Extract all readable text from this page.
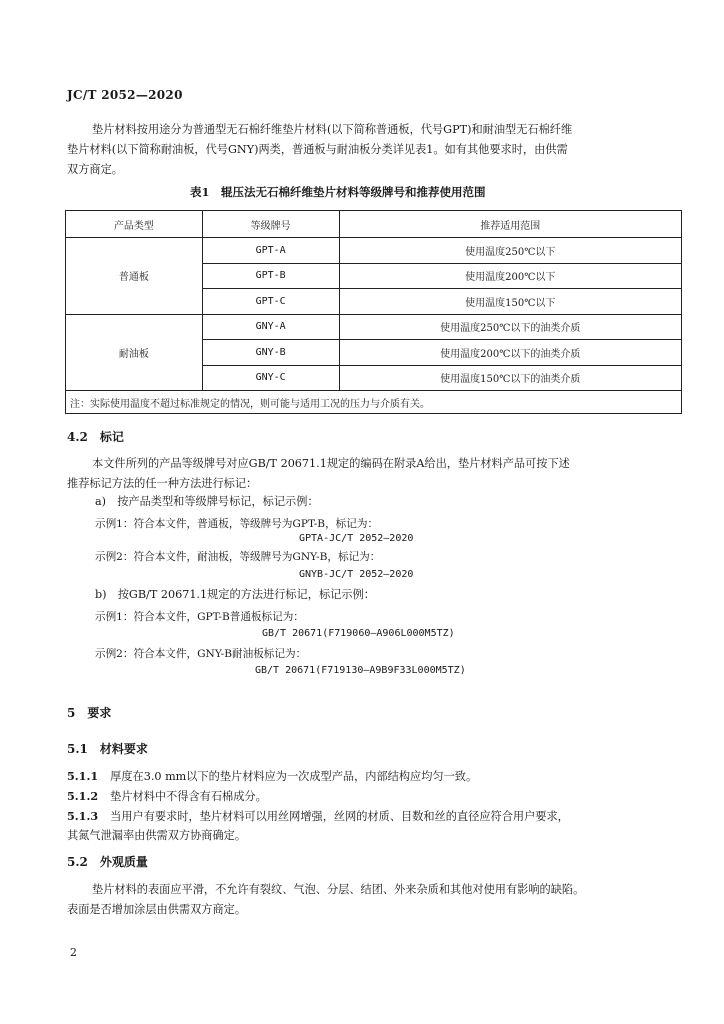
JC/T 2052—2020
垫片材料按用途分为普通型无石棉纤维垫片材料(以下简称普通板，代号GPT)和耐油型无石棉纤维
垫片材料(以下简称耐油板，代号GNY)两类，普通板与耐油板分类详见表1。如有其他要求时，由供需
双方商定。
表1　辊压法无石棉纤维垫片材料等级牌号和推荐使用范围
产品类型	等级牌号	推荐适用范围
普通板	GPT-A	使用温度250℃以下
	GPT-B	使用温度200℃以下
	GPT-C	使用温度150℃以下
耐油板	GNY-A	使用温度250℃以下的油类介质
	GNY-B	使用温度200℃以下的油类介质
	GNY-C	使用温度150℃以下的油类介质
注：实际使用温度不超过标准规定的情况，则可能与适用工况的压力与介质有关。		
4.2　标记
本文件所列的产品等级牌号对应GB/T 20671.1规定的编码在附录A给出，垫片材料产品可按下述
推荐标记方法的任一种方法进行标记：
a)　按产品类型和等级牌号标记，标记示例：
示例1：符合本文件，普通板，等级牌号为GPT-B，标记为：
GPTA-JC/T 2052—2020
示例2：符合本文件，耐油板，等级牌号为GNY-B，标记为：
GNYB-JC/T 2052—2020
b)　按GB/T 20671.1规定的方法进行标记，标记示例：
示例1：符合本文件，GPT-B普通板标记为：
GB/T 20671(F719060—A906L000M5TZ)
示例2：符合本文件，GNY-B耐油板标记为：
GB/T 20671(F719130—A9B9F33L000M5TZ)
5　要求
5.1　材料要求
5.1.1 厚度在3.0 mm以下的垫片材料应为一次成型产品，内部结构应均匀一致。
5.1.2 垫片材料中不得含有石棉成分。
5.1.3 当用户有要求时，垫片材料可以用丝网增强，丝网的材质、目数和丝的直径应符合用户要求，
其氮气泄漏率由供需双方协商确定。
5.2　外观质量
垫片材料的表面应平滑，不允许有裂纹、气泡、分层、结团、外来杂质和其他对使用有影响的缺陷。
表面是否增加涂层由供需双方商定。
2
